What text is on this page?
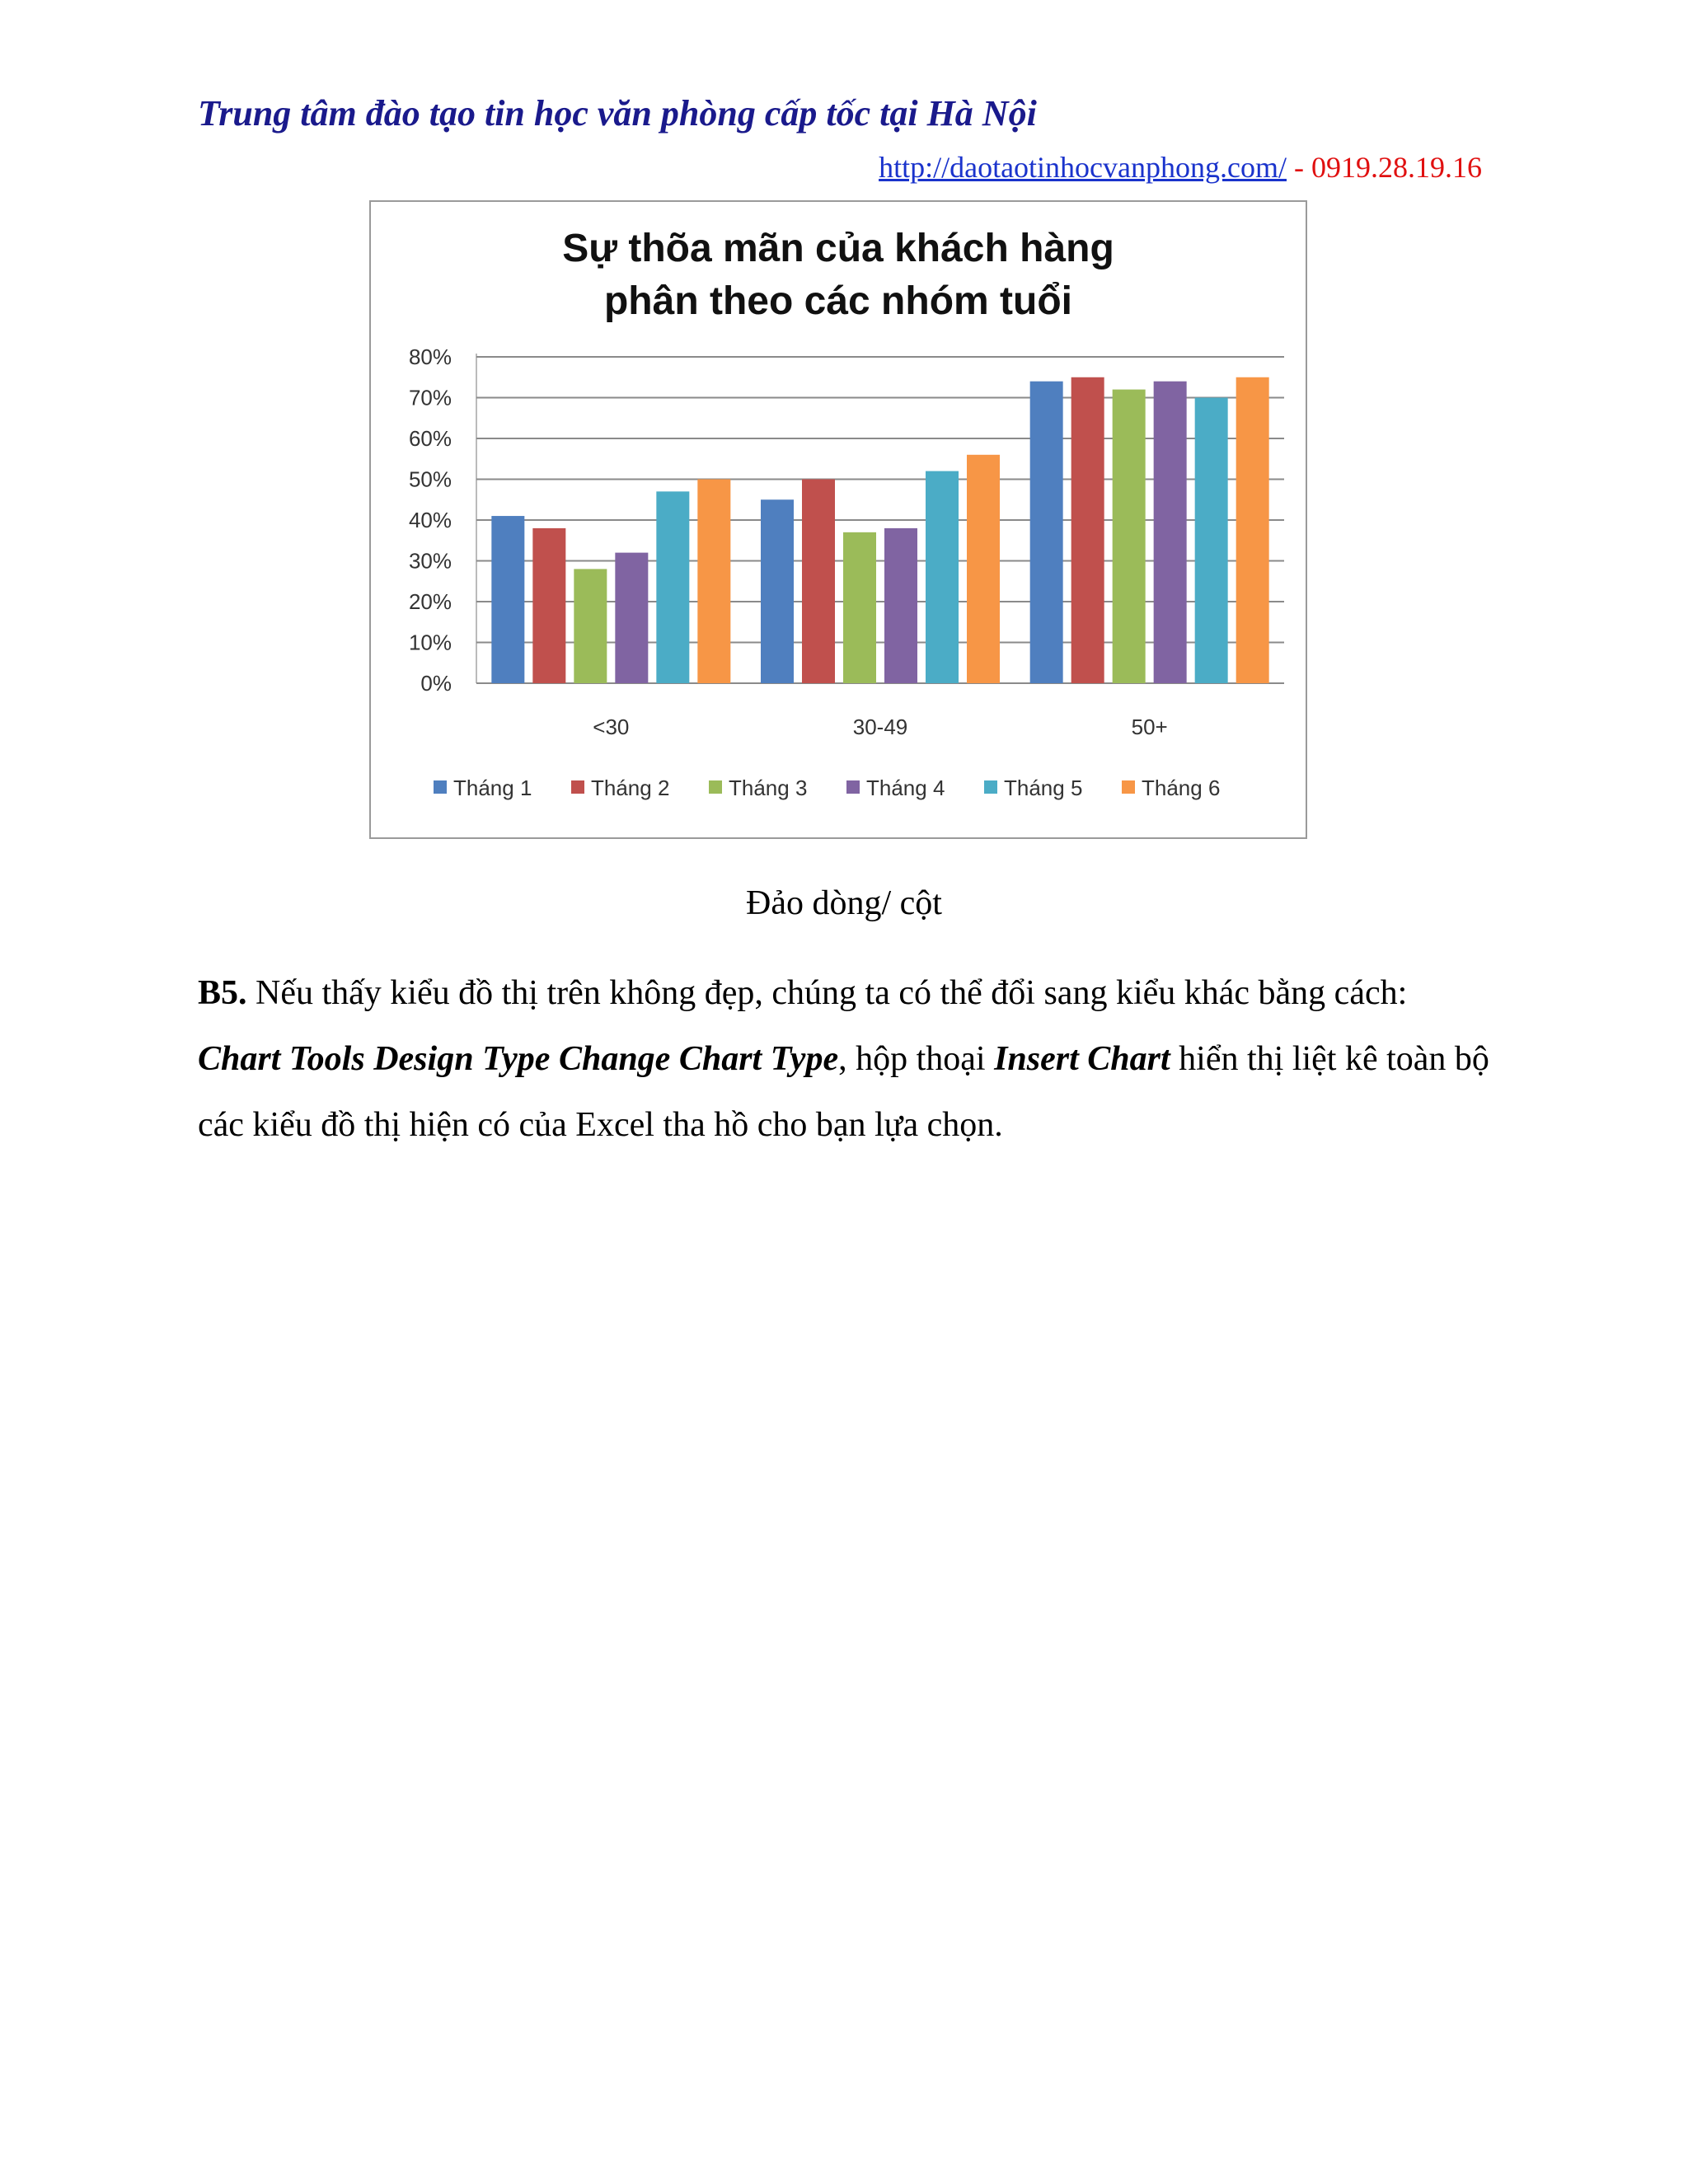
Trung tâm đào tạo tin học văn phòng cấp tốc tại Hà Nội
http://daotaotinhocvanphong.com/ - 0919.28.19.16
Sự thõa mãn của khách hàng
phân theo các nhóm tuổi
0%
10%
20%
30%
40%
50%
60%
70%
80%
<30	30-49	50+
Tháng 1	Tháng 2	Tháng 3	Tháng 4	Tháng 5	Tháng 6
Đảo dòng/ cột
B5. Nếu thấy kiểu đồ thị trên không đẹp, chúng ta có thể đổi sang kiểu khác bằng cách: Chart Tools Design Type Change Chart Type, hộp thoại Insert Chart hiển thị liệt kê toàn bộ các kiểu đồ thị hiện có của Excel tha hồ cho bạn lựa chọn.
